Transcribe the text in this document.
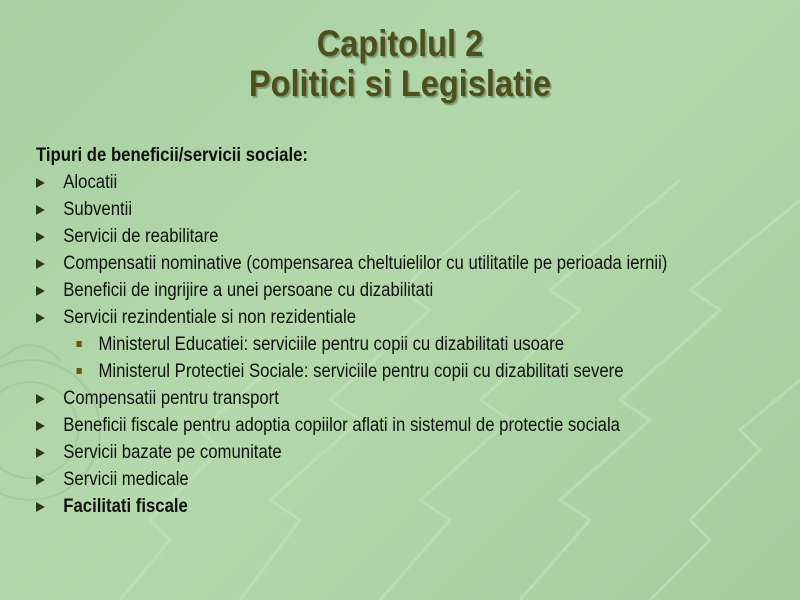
Capitolul 2
Politici si Legislatie
Tipuri de beneficii/servicii sociale:
Alocatii
Subventii
Servicii de reabilitare
Compensatii nominative (compensarea cheltuielilor cu utilitatile pe perioada iernii)
Beneficii de ingrijire a unei persoane cu dizabilitati
Servicii rezindentiale si non rezidentiale
Ministerul Educatiei: serviciile pentru copii cu dizabilitati usoare
Ministerul Protectiei Sociale: serviciile pentru copii cu dizabilitati severe
Compensatii pentru transport
Beneficii fiscale pentru adoptia copiilor aflati in sistemul de protectie sociala
Servicii bazate pe comunitate
Servicii medicale
Facilitati fiscale
